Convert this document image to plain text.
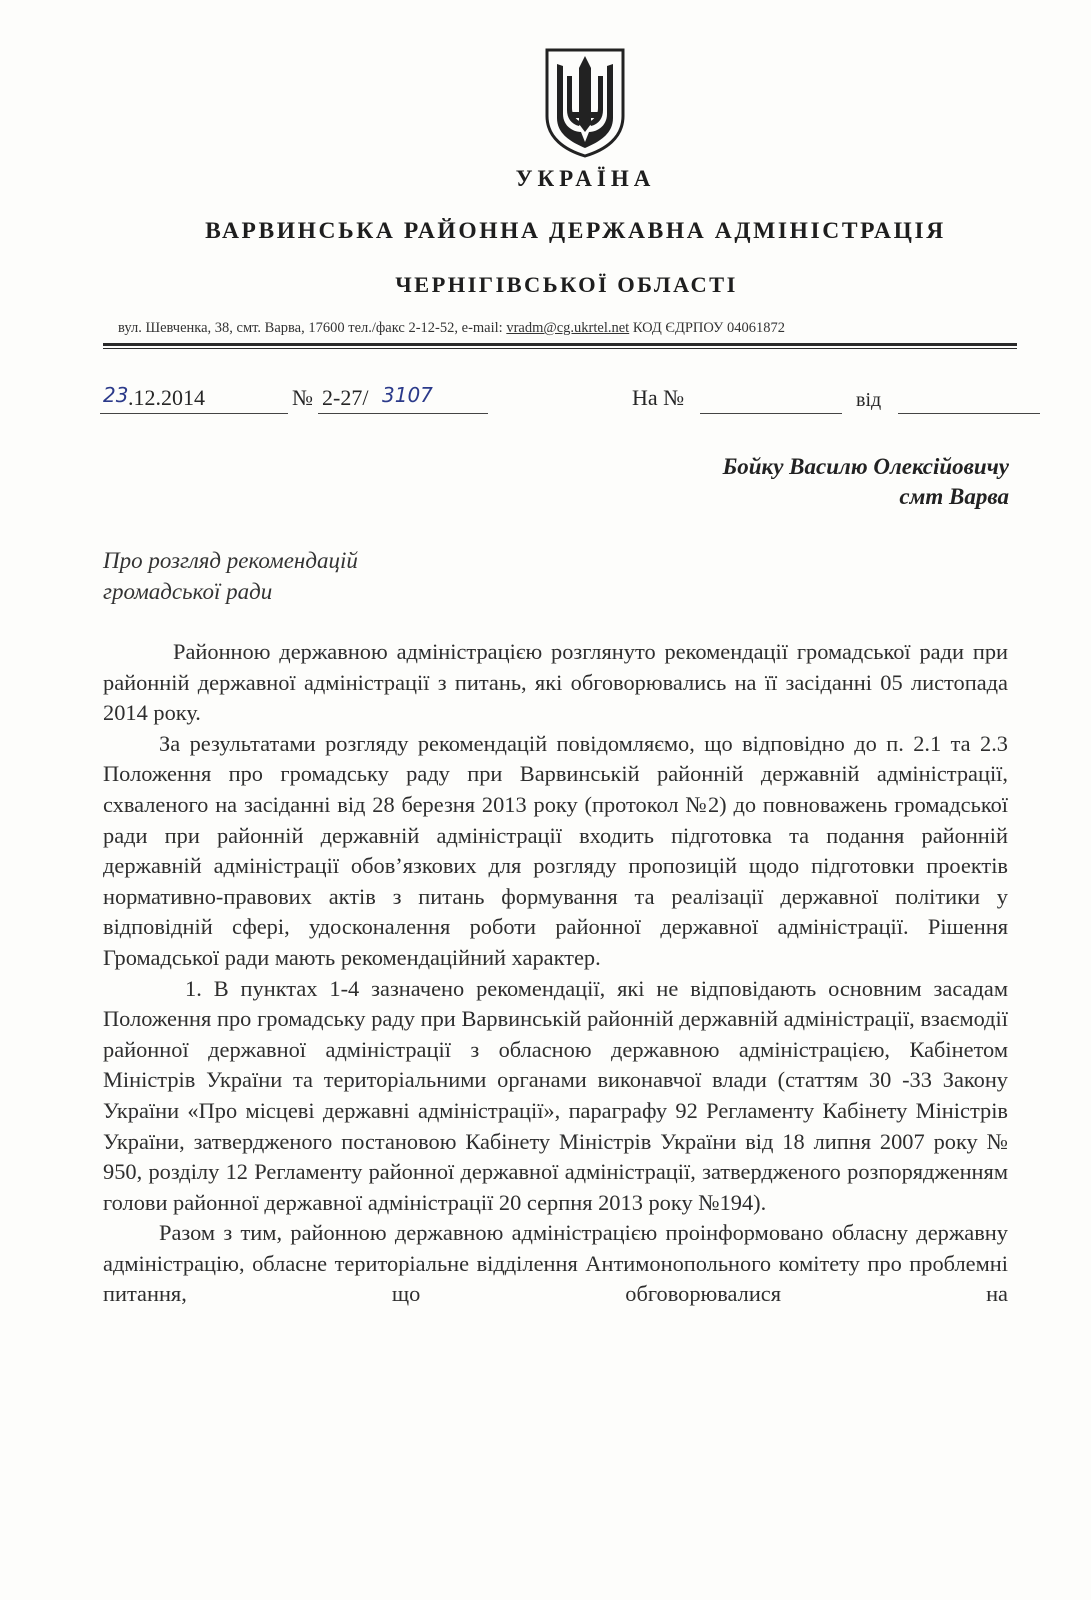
УКРАЇНА

ВАРВИНСЬКА РАЙОННА ДЕРЖАВНА АДМІНІСТРАЦІЯ

ЧЕРНІГІВСЬКОЇ ОБЛАСТІ

вул. Шевченка, 38, смт. Варва, 17600 тел./факс 2-12-52, e-mail: vradm@cg.ukrtel.net КОД ЄДРПОУ 04061872
23 .12.2014	№ 2-27/ 3107	На №	від
Бойку Василю Олексійовичу
смт Варва
Про розгляд рекомендацій
громадської ради

Районною державною адміністрацією розглянуто рекомендації громадської ради при районній державної адміністрації з питань, які обговорювались на її засіданні 05 листопада 2014 року.

За результатами розгляду рекомендацій повідомляємо, що відповідно до п. 2.1 та 2.3 Положення про громадську раду при Варвинській районній державній адміністрації, схваленого на засіданні від 28 березня 2013 року (протокол №2) до повноважень громадської ради при районній державній адміністрації входить підготовка та подання районній державній адміністрації обов’язкових для розгляду пропозицій щодо підготовки проектів нормативно-правових актів з питань формування та реалізації державної політики у відповідній сфері, удосконалення роботи районної державної адміністрації. Рішення Громадської ради мають рекомендаційний характер.

1. В пунктах 1-4 зазначено рекомендації, які не відповідають основним засадам Положення про громадську раду при Варвинській районній державній адміністрації, взаємодії районної державної адміністрації з обласною державною адміністрацією, Кабінетом Міністрів України та територіальними органами виконавчої влади (статтям 30 -33 Закону України «Про місцеві державні адміністрації», параграфу 92 Регламенту Кабінету Міністрів України, затвердженого постановою Кабінету Міністрів України від 18 липня 2007 року № 950, розділу 12 Регламенту районної державної адміністрації, затвердженого розпорядженням голови районної державної адміністрації 20 серпня 2013 року №194).

Разом з тим, районною державною адміністрацією проінформовано обласну державну адміністрацію, обласне територіальне відділення Антимонопольного комітету про проблемні питання, що обговорювалися на
